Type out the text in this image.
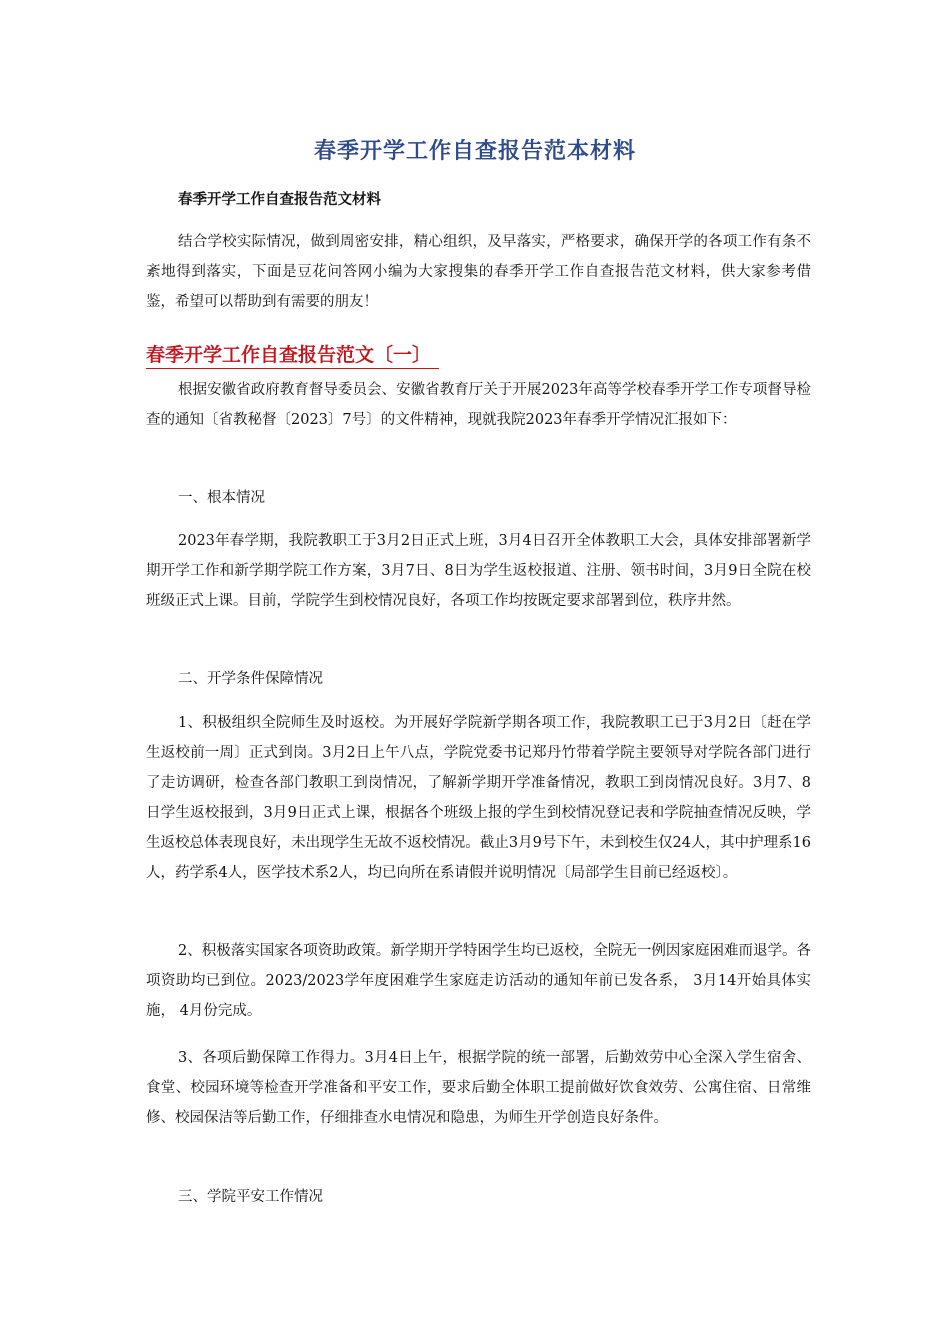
春季开学工作自查报告范本材料
春季开学工作自查报告范文材料
结合学校实际情况，做到周密安排，精心组织，及早落实，严格要求，确保开学的各项工作有条不紊地得到落实，下面是豆花问答网小编为大家搜集的春季开学工作自查报告范文材料，供大家参考借鉴，希望可以帮助到有需要的朋友！
春季开学工作自查报告范文〔一〕
根据安徽省政府教育督导委员会、安徽省教育厅关于开展2023年高等学校春季开学工作专项督导检查的通知〔省教秘督〔2023〕7号〕的文件精神，现就我院2023年春季开学情况汇报如下：
一、根本情况
2023年春学期，我院教职工于3月2日正式上班，3月4日召开全体教职工大会，具体安排部署新学期开学工作和新学期学院工作方案，3月7日、8日为学生返校报道、注册、领书时间，3月9日全院在校班级正式上课。目前，学院学生到校情况良好，各项工作均按既定要求部署到位，秩序井然。
二、开学条件保障情况
1、积极组织全院师生及时返校。为开展好学院新学期各项工作，我院教职工已于3月2日〔赶在学生返校前一周〕正式到岗。3月2日上午八点，学院党委书记郑丹竹带着学院主要领导对学院各部门进行了走访调研，检查各部门教职工到岗情况，了解新学期开学准备情况，教职工到岗情况良好。3月7、8日学生返校报到，3月9日正式上课，根据各个班级上报的学生到校情况登记表和学院抽查情况反映，学生返校总体表现良好，未出现学生无故不返校情况。截止3月9号下午，未到校生仅24人，其中护理系16人，药学系4人，医学技术系2人，均已向所在系请假并说明情况〔局部学生目前已经返校〕。
2、积极落实国家各项资助政策。新学期开学特困学生均已返校，全院无一例因家庭困难而退学。各项资助均已到位。2023/2023学年度困难学生家庭走访活动的通知年前已发各系， 3月14开始具体实施， 4月份完成。
3、各项后勤保障工作得力。3月4日上午，根据学院的统一部署，后勤效劳中心全深入学生宿舍、食堂、校园环境等检查开学准备和平安工作，要求后勤全体职工提前做好饮食效劳、公寓住宿、日常维修、校园保洁等后勤工作，仔细排查水电情况和隐患，为师生开学创造良好条件。
三、学院平安工作情况
